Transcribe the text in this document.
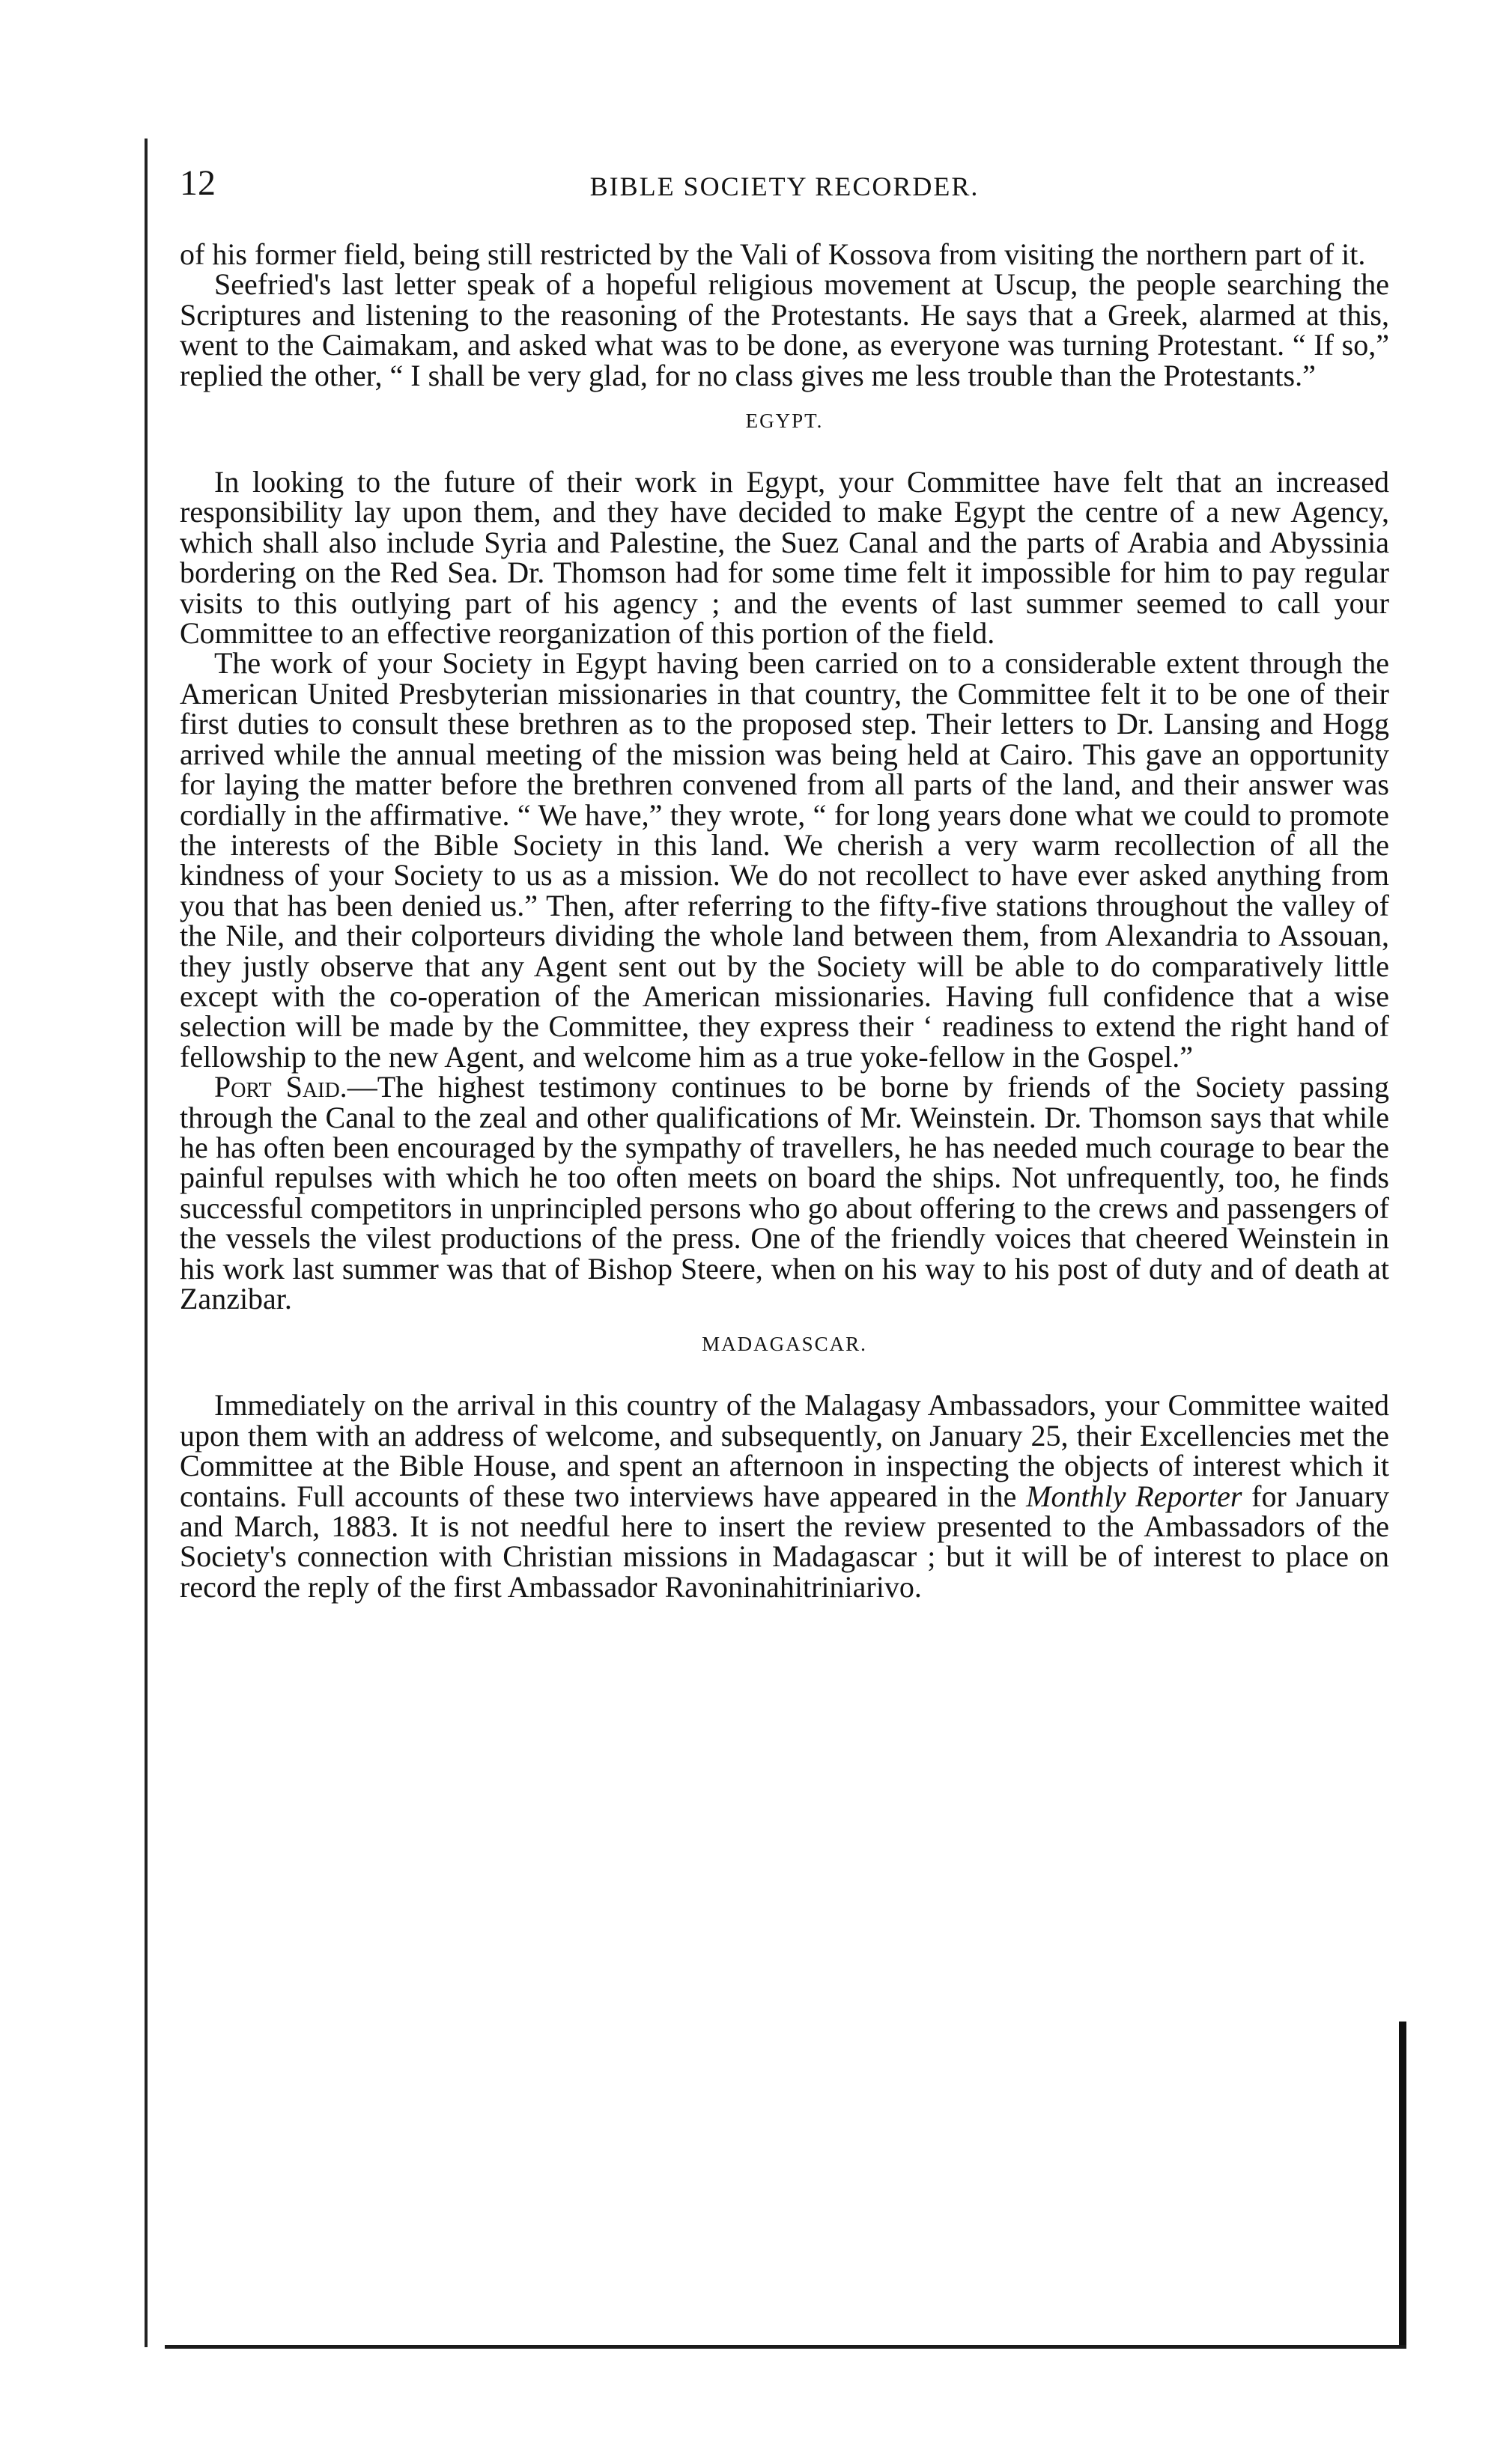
12	BIBLE SOCIETY RECORDER.

of his former field, being still restricted by the Vali of Kossova from visiting the northern part of it.

Seefried's last letter speak of a hopeful religious movement at Uscup, the people searching the Scriptures and listening to the reasoning of the Protestants. He says that a Greek, alarmed at this, went to the Caimakam, and asked what was to be done, as everyone was turning Protestant. “ If so,” replied the other, “ I shall be very glad, for no class gives me less trouble than the Protestants.”

EGYPT.

In looking to the future of their work in Egypt, your Committee have felt that an increased responsibility lay upon them, and they have decided to make Egypt the centre of a new Agency, which shall also include Syria and Palestine, the Suez Canal and the parts of Arabia and Abyssinia bordering on the Red Sea. Dr. Thomson had for some time felt it impossible for him to pay regular visits to this outlying part of his agency ; and the events of last summer seemed to call your Committee to an effective reorganization of this portion of the field.

The work of your Society in Egypt having been carried on to a considerable extent through the American United Presbyterian missionaries in that country, the Committee felt it to be one of their first duties to consult these brethren as to the proposed step. Their letters to Dr. Lansing and Hogg arrived while the annual meeting of the mission was being held at Cairo. This gave an opportunity for laying the matter before the brethren convened from all parts of the land, and their answer was cordially in the affirmative. “ We have,” they wrote, “ for long years done what we could to promote the interests of the Bible Society in this land. We cherish a very warm recollection of all the kindness of your Society to us as a mission. We do not recollect to have ever asked anything from you that has been denied us.” Then, after referring to the fifty-five stations throughout the valley of the Nile, and their colporteurs dividing the whole land between them, from Alexandria to Assouan, they justly observe that any Agent sent out by the Society will be able to do comparatively little except with the co-operation of the American missionaries. Having full confidence that a wise selection will be made by the Committee, they express their ‘ readiness to extend the right hand of fellowship to the new Agent, and welcome him as a true yoke-fellow in the Gospel.”

Port Said.—The highest testimony continues to be borne by friends of the Society passing through the Canal to the zeal and other qualifications of Mr. Weinstein. Dr. Thomson says that while he has often been encouraged by the sympathy of travellers, he has needed much courage to bear the painful repulses with which he too often meets on board the ships. Not unfrequently, too, he finds successful competitors in unprincipled persons who go about offering to the crews and passengers of the vessels the vilest productions of the press. One of the friendly voices that cheered Weinstein in his work last summer was that of Bishop Steere, when on his way to his post of duty and of death at Zanzibar.

MADAGASCAR.

Immediately on the arrival in this country of the Malagasy Ambassadors, your Committee waited upon them with an address of welcome, and subsequently, on January 25, their Excellencies met the Committee at the Bible House, and spent an afternoon in inspecting the objects of interest which it contains. Full accounts of these two interviews have appeared in the Monthly Reporter for January and March, 1883. It is not needful here to insert the review presented to the Ambassadors of the Society's connection with Christian missions in Madagascar ; but it will be of interest to place on record the reply of the first Ambassador Ravoninahitriniarivo.
